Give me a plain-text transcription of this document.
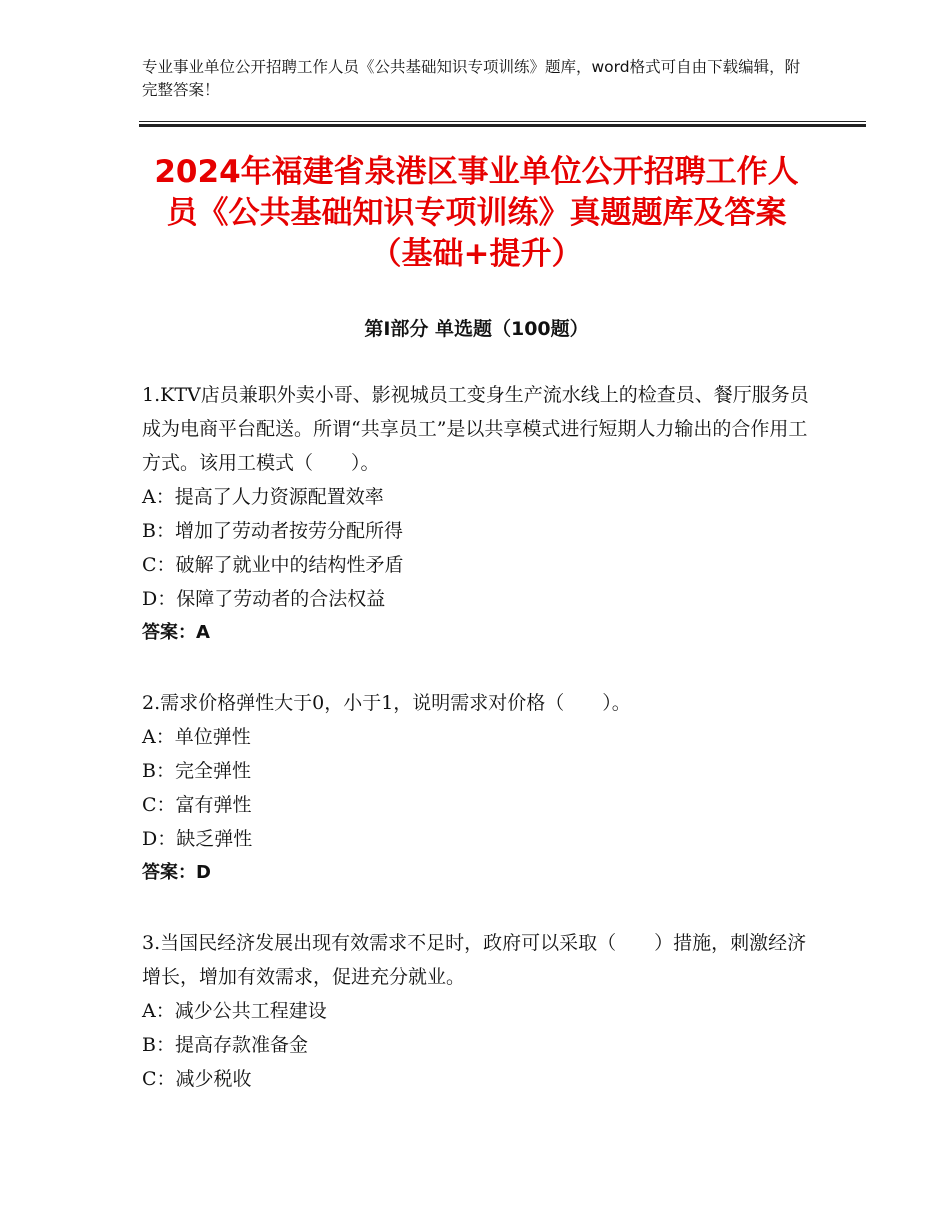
专业事业单位公开招聘工作人员《公共基础知识专项训练》题库，word格式可自由下载编辑，附完整答案！
2024年福建省泉港区事业单位公开招聘工作人员《公共基础知识专项训练》真题题库及答案（基础+提升）
第Ⅰ部分 单选题（100题）

1.KTV店员兼职外卖小哥、影视城员工变身生产流水线上的检查员、餐厅服务员成为电商平台配送。所谓“共享员工”是以共享模式进行短期人力输出的合作用工方式。该用工模式（　　）。

A：提高了人力资源配置效率

B：增加了劳动者按劳分配所得

C：破解了就业中的结构性矛盾

D：保障了劳动者的合法权益

答案：A

2.需求价格弹性大于0，小于1，说明需求对价格（　　）。

A：单位弹性

B：完全弹性

C：富有弹性

D：缺乏弹性

答案：D

3.当国民经济发展出现有效需求不足时，政府可以采取（　　）措施，刺激经济增长，增加有效需求，促进充分就业。

A：减少公共工程建设

B：提高存款准备金

C：减少税收
